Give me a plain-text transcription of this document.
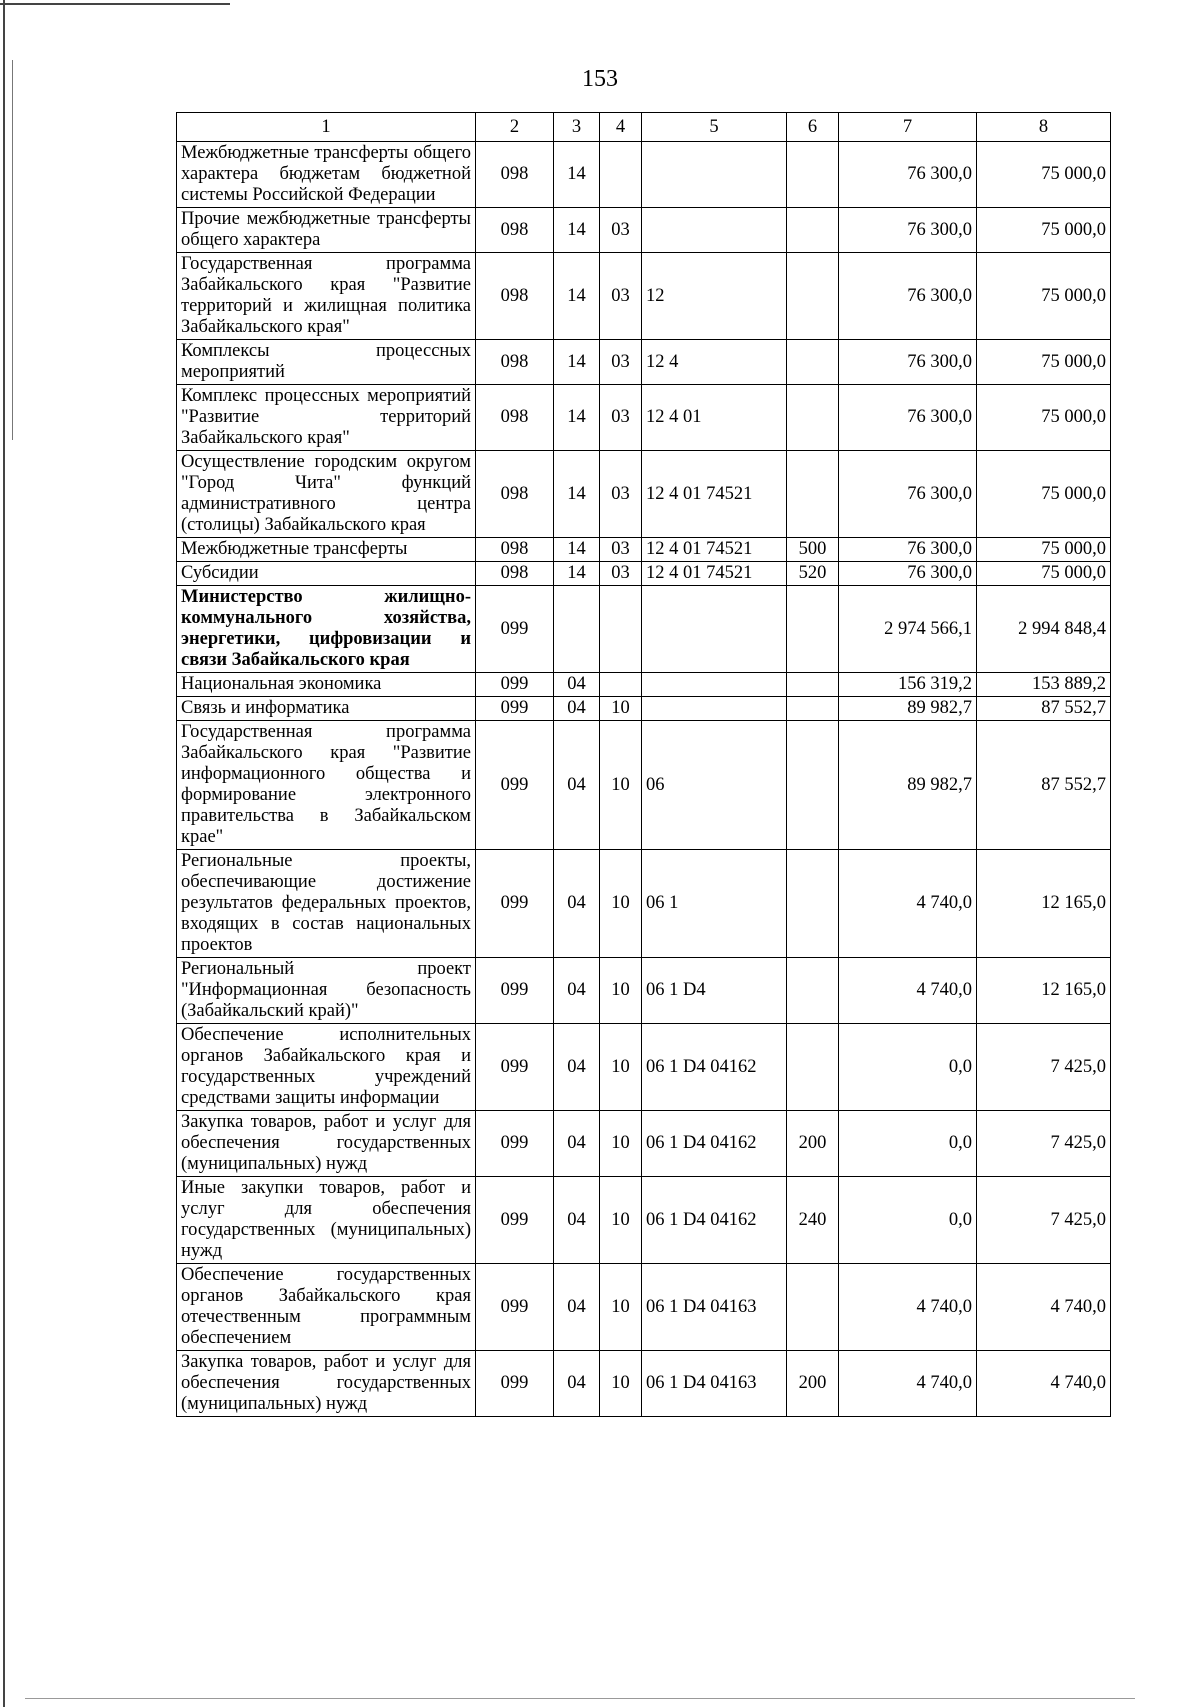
153
1	2	3	4	5	6	7	8
Межбюджетные трансферты общего характера бюджетам бюджетной системы Российской Федерации	098	14				76 300,0	75 000,0
Прочие межбюджетные трансферты общего характера	098	14	03			76 300,0	75 000,0
Государственная программа Забайкальского края "Развитие территорий и жилищная политика Забайкальского края"	098	14	03	12		76 300,0	75 000,0
Комплексы процессных мероприятий	098	14	03	12 4		76 300,0	75 000,0
Комплекс процессных мероприятий "Развитие территорий Забайкальского края"	098	14	03	12 4 01		76 300,0	75 000,0
Осуществление городским округом "Город Чита" функций административного центра (столицы) Забайкальского края	098	14	03	12 4 01 74521		76 300,0	75 000,0
Межбюджетные трансферты	098	14	03	12 4 01 74521	500	76 300,0	75 000,0
Субсидии	098	14	03	12 4 01 74521	520	76 300,0	75 000,0
Министерство жилищно-коммунального хозяйства, энергетики, цифровизации и связи Забайкальского края	099					2 974 566,1	2 994 848,4
Национальная экономика	099	04				156 319,2	153 889,2
Связь и информатика	099	04	10			89 982,7	87 552,7
Государственная программа Забайкальского края "Развитие информационного общества и формирование электронного правительства в Забайкальском крае"	099	04	10	06		89 982,7	87 552,7
Региональные проекты, обеспечивающие достижение результатов федеральных проектов, входящих в состав национальных проектов	099	04	10	06 1		4 740,0	12 165,0
Региональный проект "Информационная безопасность (Забайкальский край)"	099	04	10	06 1 D4		4 740,0	12 165,0
Обеспечение исполнительных органов Забайкальского края и государственных учреждений средствами защиты информации	099	04	10	06 1 D4 04162		0,0	7 425,0
Закупка товаров, работ и услуг для обеспечения государственных (муниципальных) нужд	099	04	10	06 1 D4 04162	200	0,0	7 425,0
Иные закупки товаров, работ и услуг для обеспечения государственных (муниципальных) нужд	099	04	10	06 1 D4 04162	240	0,0	7 425,0
Обеспечение государственных органов Забайкальского края отечественным программным обеспечением	099	04	10	06 1 D4 04163		4 740,0	4 740,0
Закупка товаров, работ и услуг для обеспечения государственных (муниципальных) нужд	099	04	10	06 1 D4 04163	200	4 740,0	4 740,0
